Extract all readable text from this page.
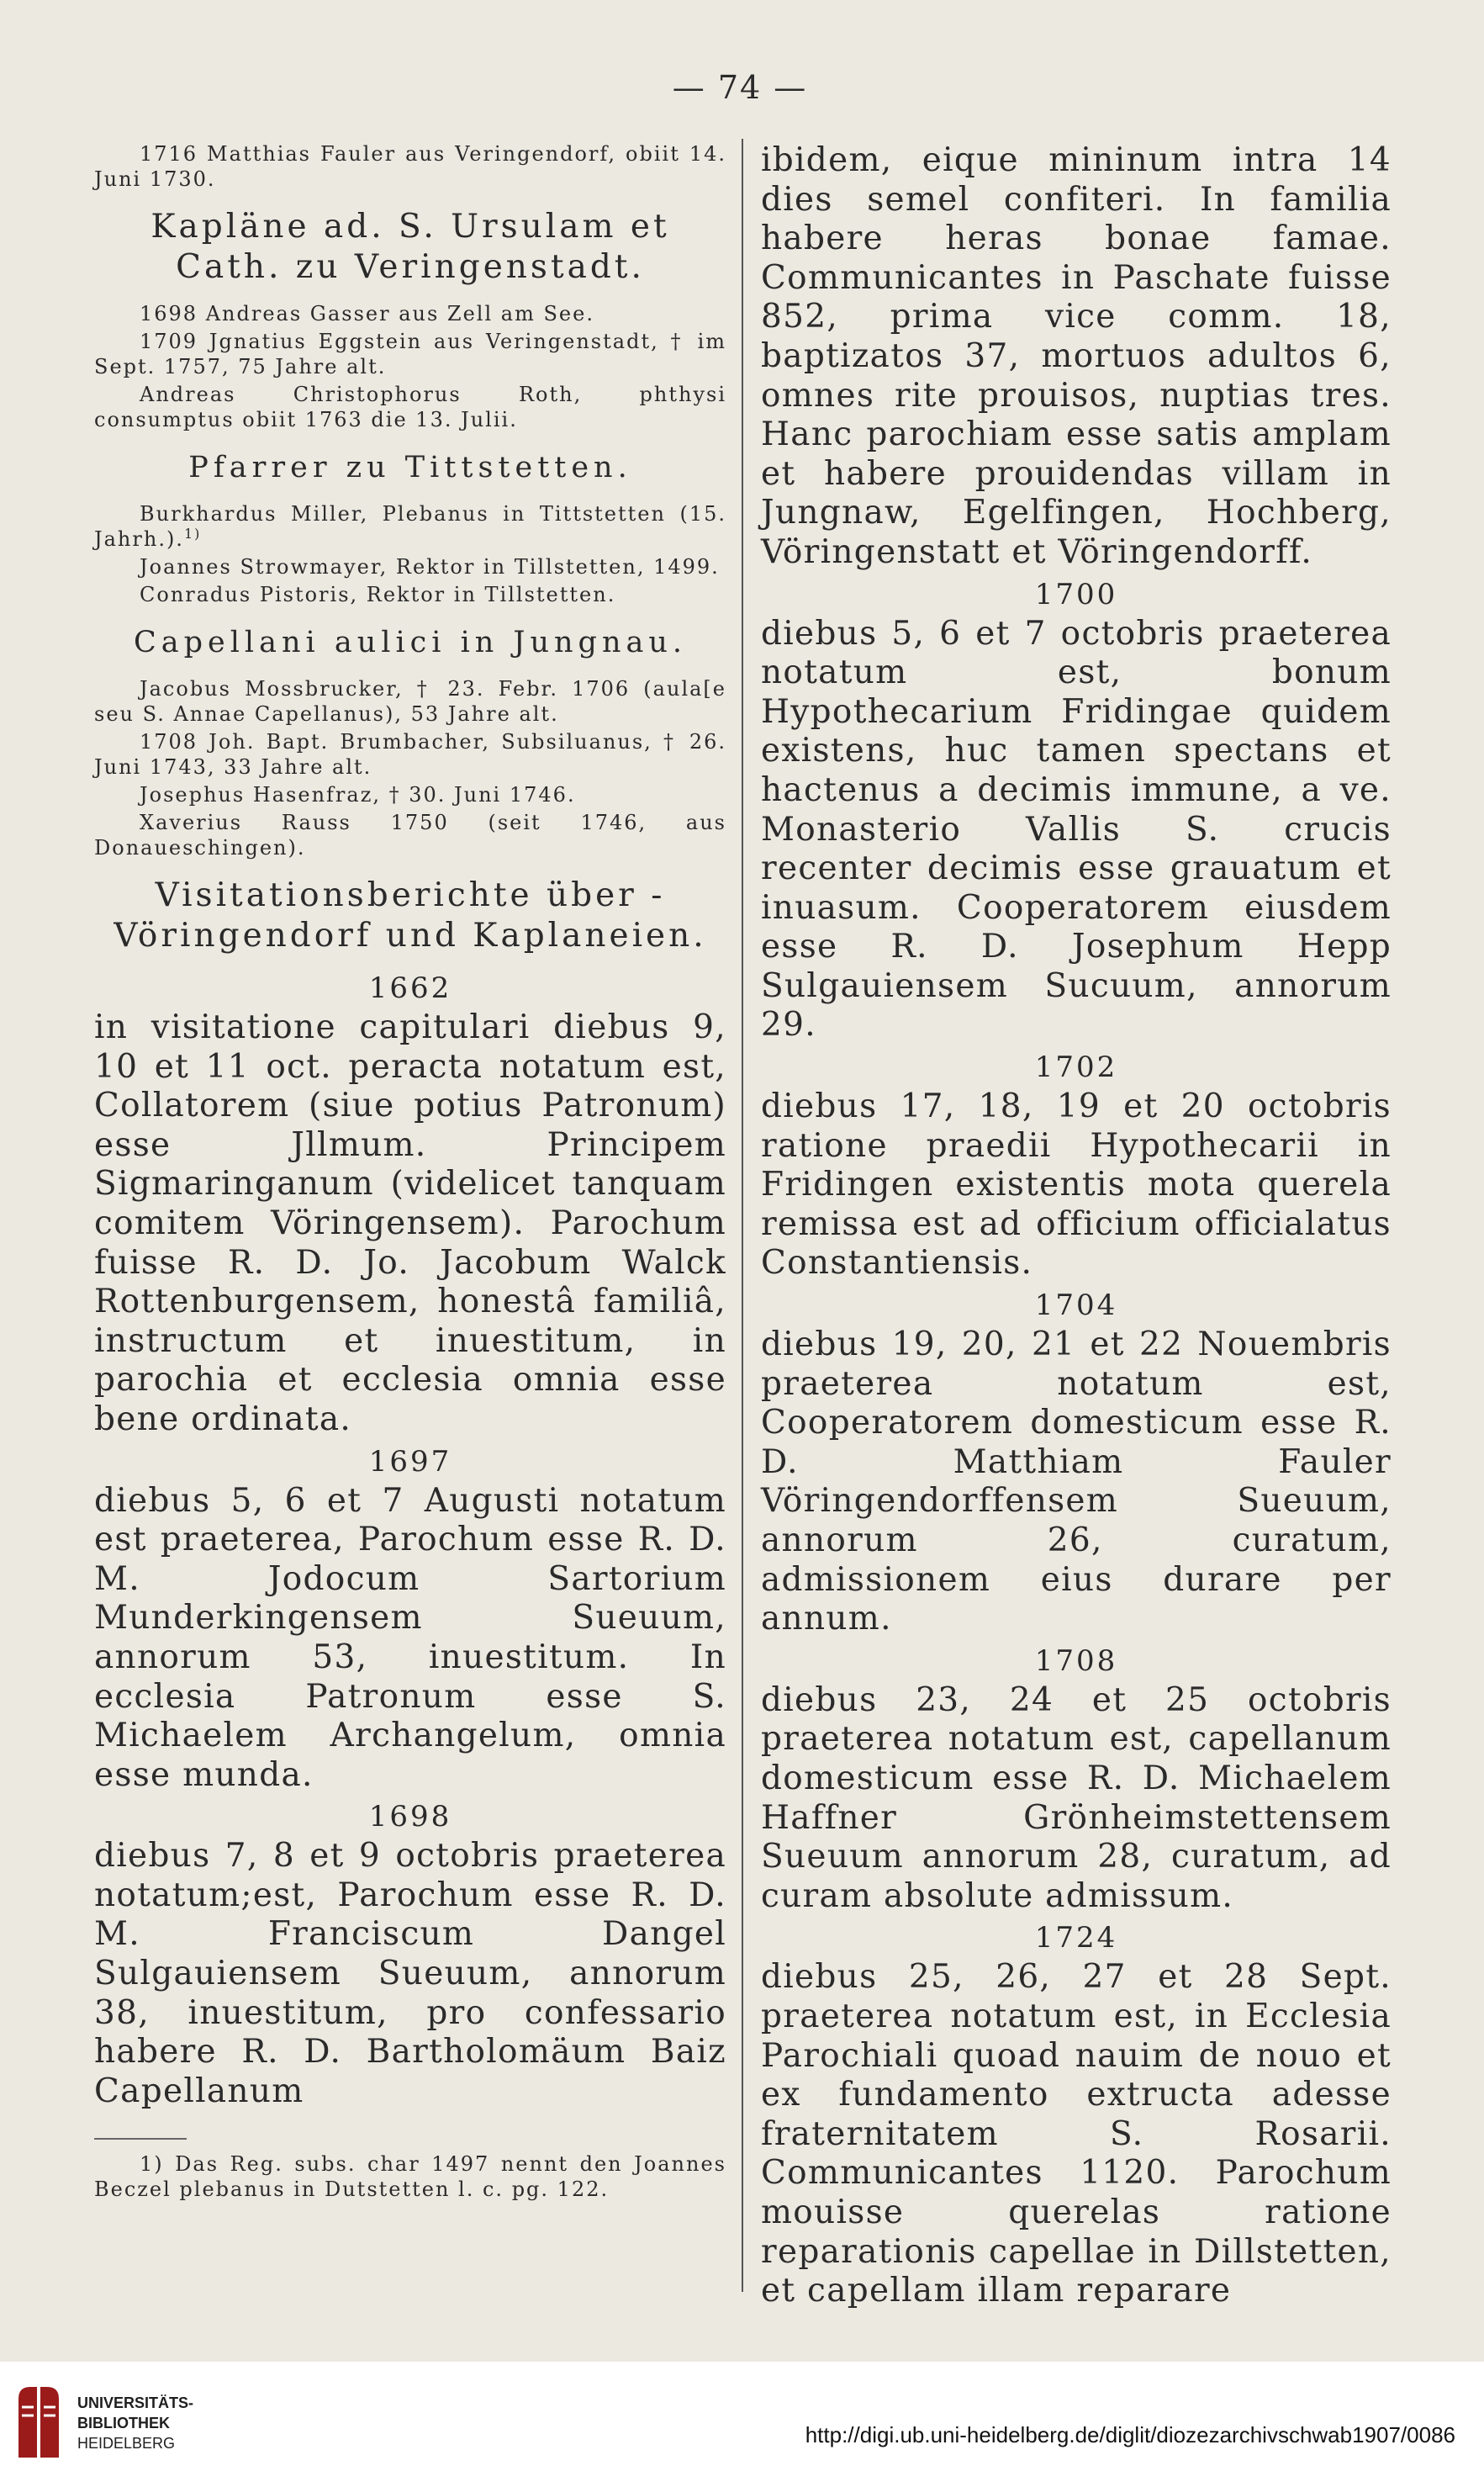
— 74 —

1716 Matthias Fauler aus Veringendorf, obiit 14. Juni 1730.

Kapläne ad. S. Ursulam et Cath. zu Veringenstadt.

1698 Andreas Gasser aus Zell am See.

1709 Jgnatius Eggstein aus Veringenstadt, † im Sept. 1757, 75 Jahre alt.

Andreas Christophorus Roth, phthysi consumptus obiit 1763 die 13. Julii.

Pfarrer zu Tittstetten.

Burkhardus Miller, Plebanus in Tittstetten (15. Jahrh.).$^{1)}$

Joannes Strowmayer, Rektor in Tillstetten, 1499.

Conradus Pistoris, Rektor in Tillstetten.

Capellani aulici in Jungnau.

Jacobus Mossbrucker, † 23. Febr. 1706 (aula[e seu S. Annae Capellanus), 53 Jahre alt.

1708 Joh. Bapt. Brumbacher, Subsiluanus, † 26. Juni 1743, 33 Jahre alt.

Josephus Hasenfraz, † 30. Juni 1746.

Xaverius Rauss 1750 (seit 1746, aus Donaueschingen).

Visitationsberichte über - Vöringendorf und Kaplaneien.
1662

in visitatione capitulari diebus 9, 10 et 11 oct. peracta notatum est, Collatorem (siue potius Patronum) esse Jllmum. Principem Sigmaringanum (videlicet tanquam comitem Vöringensem). Parochum fuisse R. D. Jo. Jacobum Walck Rottenburgensem, honestâ familiâ, instructum et inuestitum, in parochia et ecclesia omnia esse bene ordinata.

1697

diebus 5, 6 et 7 Augusti notatum est praeterea, Parochum esse R. D. M. Jodocum Sartorium Munderkingensem Sueuum, annorum 53, inuestitum. In ecclesia Patronum esse S. Michaelem Archangelum, omnia esse munda.

1698

diebus 7, 8 et 9 octobris praeterea notatum;est, Parochum esse R. D. M. Franciscum Dangel Sulgauiensem Sueuum, annorum 38, inuestitum, pro confessario habere R. D. Bartholomäum Baiz Capellanum

1) Das Reg. subs. char 1497 nennt den Joannes Beczel plebanus in Dutstetten l. c. pg. 122.

ibidem, eique mininum intra 14 dies semel confiteri. In familia habere heras bonae famae. Communicantes in Paschate fuisse 852, prima vice comm. 18, baptizatos 37, mortuos adultos 6, omnes rite prouisos, nuptias tres. Hanc parochiam esse satis amplam et habere prouidendas villam in Jungnaw, Egelfingen, Hochberg, Vöringenstatt et Vöringendorff.

1700

diebus 5, 6 et 7 octobris praeterea notatum est, bonum Hypothecarium Fridingae quidem existens, huc tamen spectans et hactenus a decimis immune, a ve. Monasterio Vallis S. crucis recenter decimis esse grauatum et inuasum. Cooperatorem eiusdem esse R. D. Josephum Hepp Sulgauiensem Sucuum, annorum 29.

1702

diebus 17, 18, 19 et 20 octobris ratione praedii Hypothecarii in Fridingen existentis mota querela remissa est ad officium officialatus Constantiensis.

1704

diebus 19, 20, 21 et 22 Nouembris praeterea notatum est, Cooperatorem domesticum esse R. D. Matthiam Fauler Vöringendorffensem Sueuum, annorum 26, curatum, admissionem eius durare per annum.

1708

diebus 23, 24 et 25 octobris praeterea notatum est, capellanum domesticum esse R. D. Michaelem Haffner Grönheimstettensem Sueuum annorum 28, curatum, ad curam absolute admissum.

1724

diebus 25, 26, 27 et 28 Sept. praeterea notatum est, in Ecclesia Parochiali quoad nauim de nouo et ex fundamento extructa adesse fraternitatem S. Rosarii. Communicantes 1120. Parochum mouisse querelas ratione reparationis capellae in Dillstetten, et capellam illam reparare

UNIVERSITÄTS-
BIBLIOTHEK
HEIDELBERG	http://digi.ub.uni-heidelberg.de/diglit/diozezarchivschwab1907/0086
